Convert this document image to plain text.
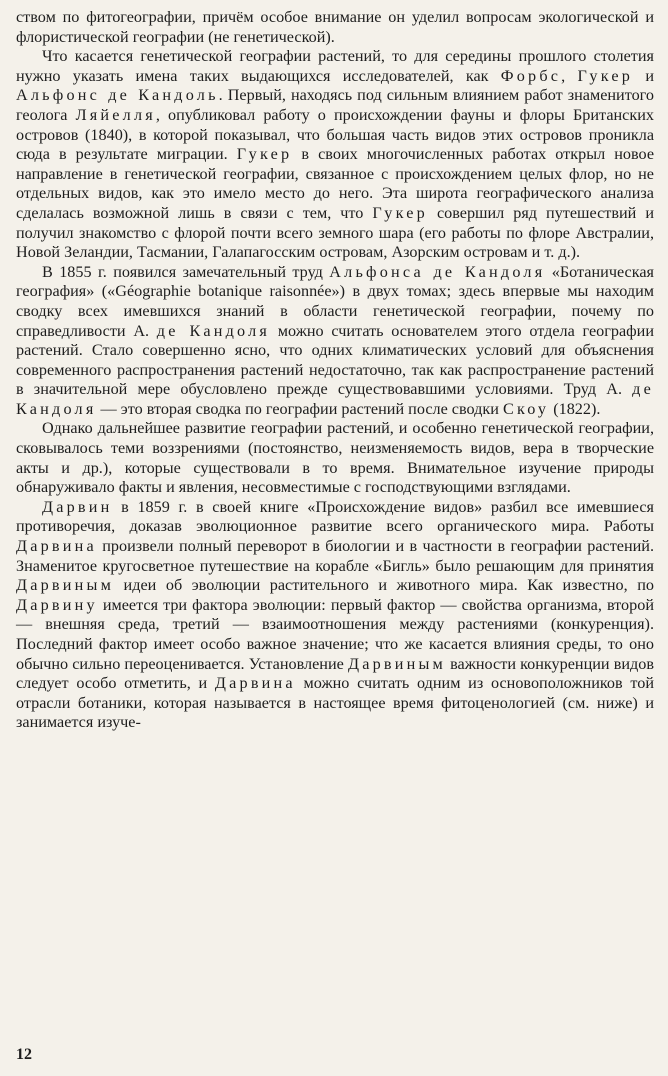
ством по фитогеографии, причём особое внимание он уделил вопросам экологической и флористической географии (не генетической).

Что касается генетической географии растений, то для середины прошлого столетия нужно указать имена таких выдающихся исследователей, как Форбс, Гукер и Альфонс де Кандоль. Первый, находясь под сильным влиянием работ знаменитого геолога Ляйелля, опубликовал работу о происхождении фауны и флоры Британских островов (1840), в которой показывал, что большая часть видов этих островов проникла сюда в результате миграции. Гукер в своих многочисленных работах открыл новое направление в генетической географии, связанное с происхождением целых флор, но не отдельных видов, как это имело место до него. Эта широта географического анализа сделалась возможной лишь в связи с тем, что Гукер совершил ряд путешествий и получил знакомство с флорой почти всего земного шара (его работы по флоре Австралии, Новой Зеландии, Тасмании, Галапагосским островам, Азорским островам и т. д.).

В 1855 г. появился замечательный труд Альфонса де Кандоля «Ботаническая география» («Géographie botanique raisonnée») в двух томах; здесь впервые мы находим сводку всех имевшихся знаний в области генетической географии, почему по справедливости А. де Кандоля можно считать основателем этого отдела географии растений. Стало совершенно ясно, что одних климатических условий для объяснения современного распространения растений недостаточно, так как распространение растений в значительной мере обусловлено прежде существовавшими условиями. Труд А. де Кандоля — это вторая сводка по географии растений после сводки Скоу (1822).

Однако дальнейшее развитие географии растений, и особенно генетической географии, сковывалось теми воззрениями (постоянство, неизменяемость видов, вера в творческие акты и др.), которые существовали в то время. Внимательное изучение природы обнаруживало факты и явления, несовместимые с господствующими взглядами.

Дарвин в 1859 г. в своей книге «Происхождение видов» разбил все имевшиеся противоречия, доказав эволюционное развитие всего органического мира. Работы Дарвина произвели полный переворот в биологии и в частности в географии растений. Знаменитое кругосветное путешествие на корабле «Бигль» было решающим для принятия Дарвиным идеи об эволюции растительного и животного мира. Как известно, по Дарвину имеется три фактора эволюции: первый фактор — свойства организма, второй — внешняя среда, третий — взаимоотношения между растениями (конкуренция). Последний фактор имеет особо важное значение; что же касается влияния среды, то оно обычно сильно переоценивается. Установление Дарвиным важности конкуренции видов следует особо отметить, и Дарвина можно считать одним из основоположников той отрасли ботаники, которая называется в настоящее время фитоценологией (см. ниже) и занимается изуче-

12
